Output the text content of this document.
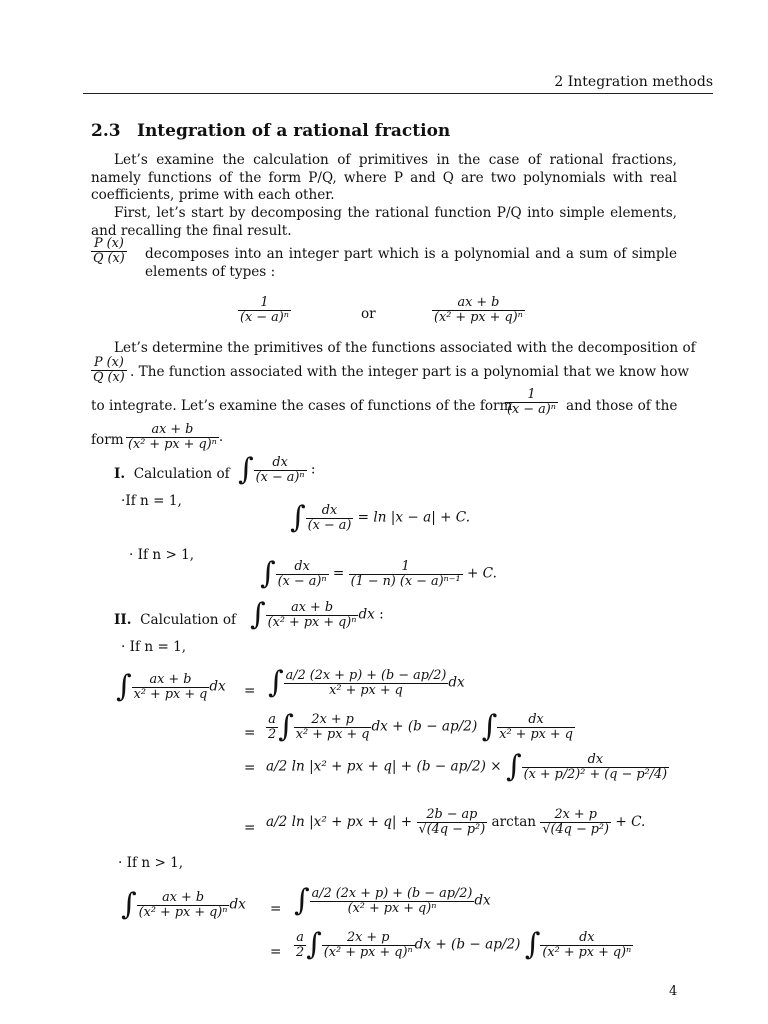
2 Integration methods
2.3 Integration of a rational fraction
Let’s examine the calculation of primitives in the case of rational fractions, namely functions of the form P/Q, where P and Q are two polynomials with real coefficients, prime with each other.
First, let’s start by decomposing the rational function P/Q into simple elements, and recalling the final result.
$\frac{P (x)}{Q (x)}$ decomposes into an integer part which is a polynomial and a sum of simple elements of types :
$\frac{1}{\text{(x − a)ⁿ}}$	or	$\frac{ax + b}{\text{(x² + px + q)ⁿ}}$
Let’s determine the primitives of the functions associated with the decomposition of
$\frac{P (x)}{Q (x)}$ . The function associated with the integer part is a polynomial that we know how
to integrate. Let’s examine the cases of functions of the form
$\frac{1}{\text{(x − a)ⁿ}}$ and those of the
form $\frac{ax + b}{\text{(x² + px + q)ⁿ}}$ .
I. Calculation of ∫ $\frac{dx}{\text{(x − a)ⁿ}}$ :
·If n = 1,	∫ $\frac{dx}{(x - a)} = \ln |x - a| + C$.
· If n > 1,
∫ $\frac{dx}{\text{(x − a)ⁿ}} = \frac{1}{\text{(1 − n) (x − a)ⁿ⁻¹}} + C$.
II. Calculation of ∫ $\frac{ax + b}{\text{(x² + px + q)ⁿ}}$ dx :
· If n = 1,
∫ $\frac{ax + b}{\text{x² + px + q}}$ dx = ∫ $\frac{a/2 (2x + p) + (b - ap/2)}{\text{x² + px + q}}$ dx
= $\frac{a}{2}$ ∫ $\frac{2x + p}{\text{x² + px + q}}$ dx + (b − ap/2) ∫ $\frac{dx}{\text{x² + px + q}}$
= a/2 ln |x² + px + q| + (b − ap/2) × ∫ $\frac{dx}{\text{(x + p/2)² + (q − p²/4)}}$
= a/2 ln |x² + px + $q| + \frac{2b - ap}{\text{√(4q − p²)}}$ $\arctan \frac{2x + p}{\text{√(4q − p²)}} + C$.
· If n > 1,
∫ $\frac{ax + b}{\text{(x² + px + q)ⁿ}}$ dx = ∫ $\frac{a/2 (2x + p) + (b - ap/2)}{\text{(x² + px + q)ⁿ}}$ dx
= $\frac{a}{2}$ ∫ $\frac{2x + p}{\text{(x² + px + q)ⁿ}}$ dx + (b − ap/2) ∫ $\frac{dx}{\text{(x² + px + q)ⁿ}}$
4
